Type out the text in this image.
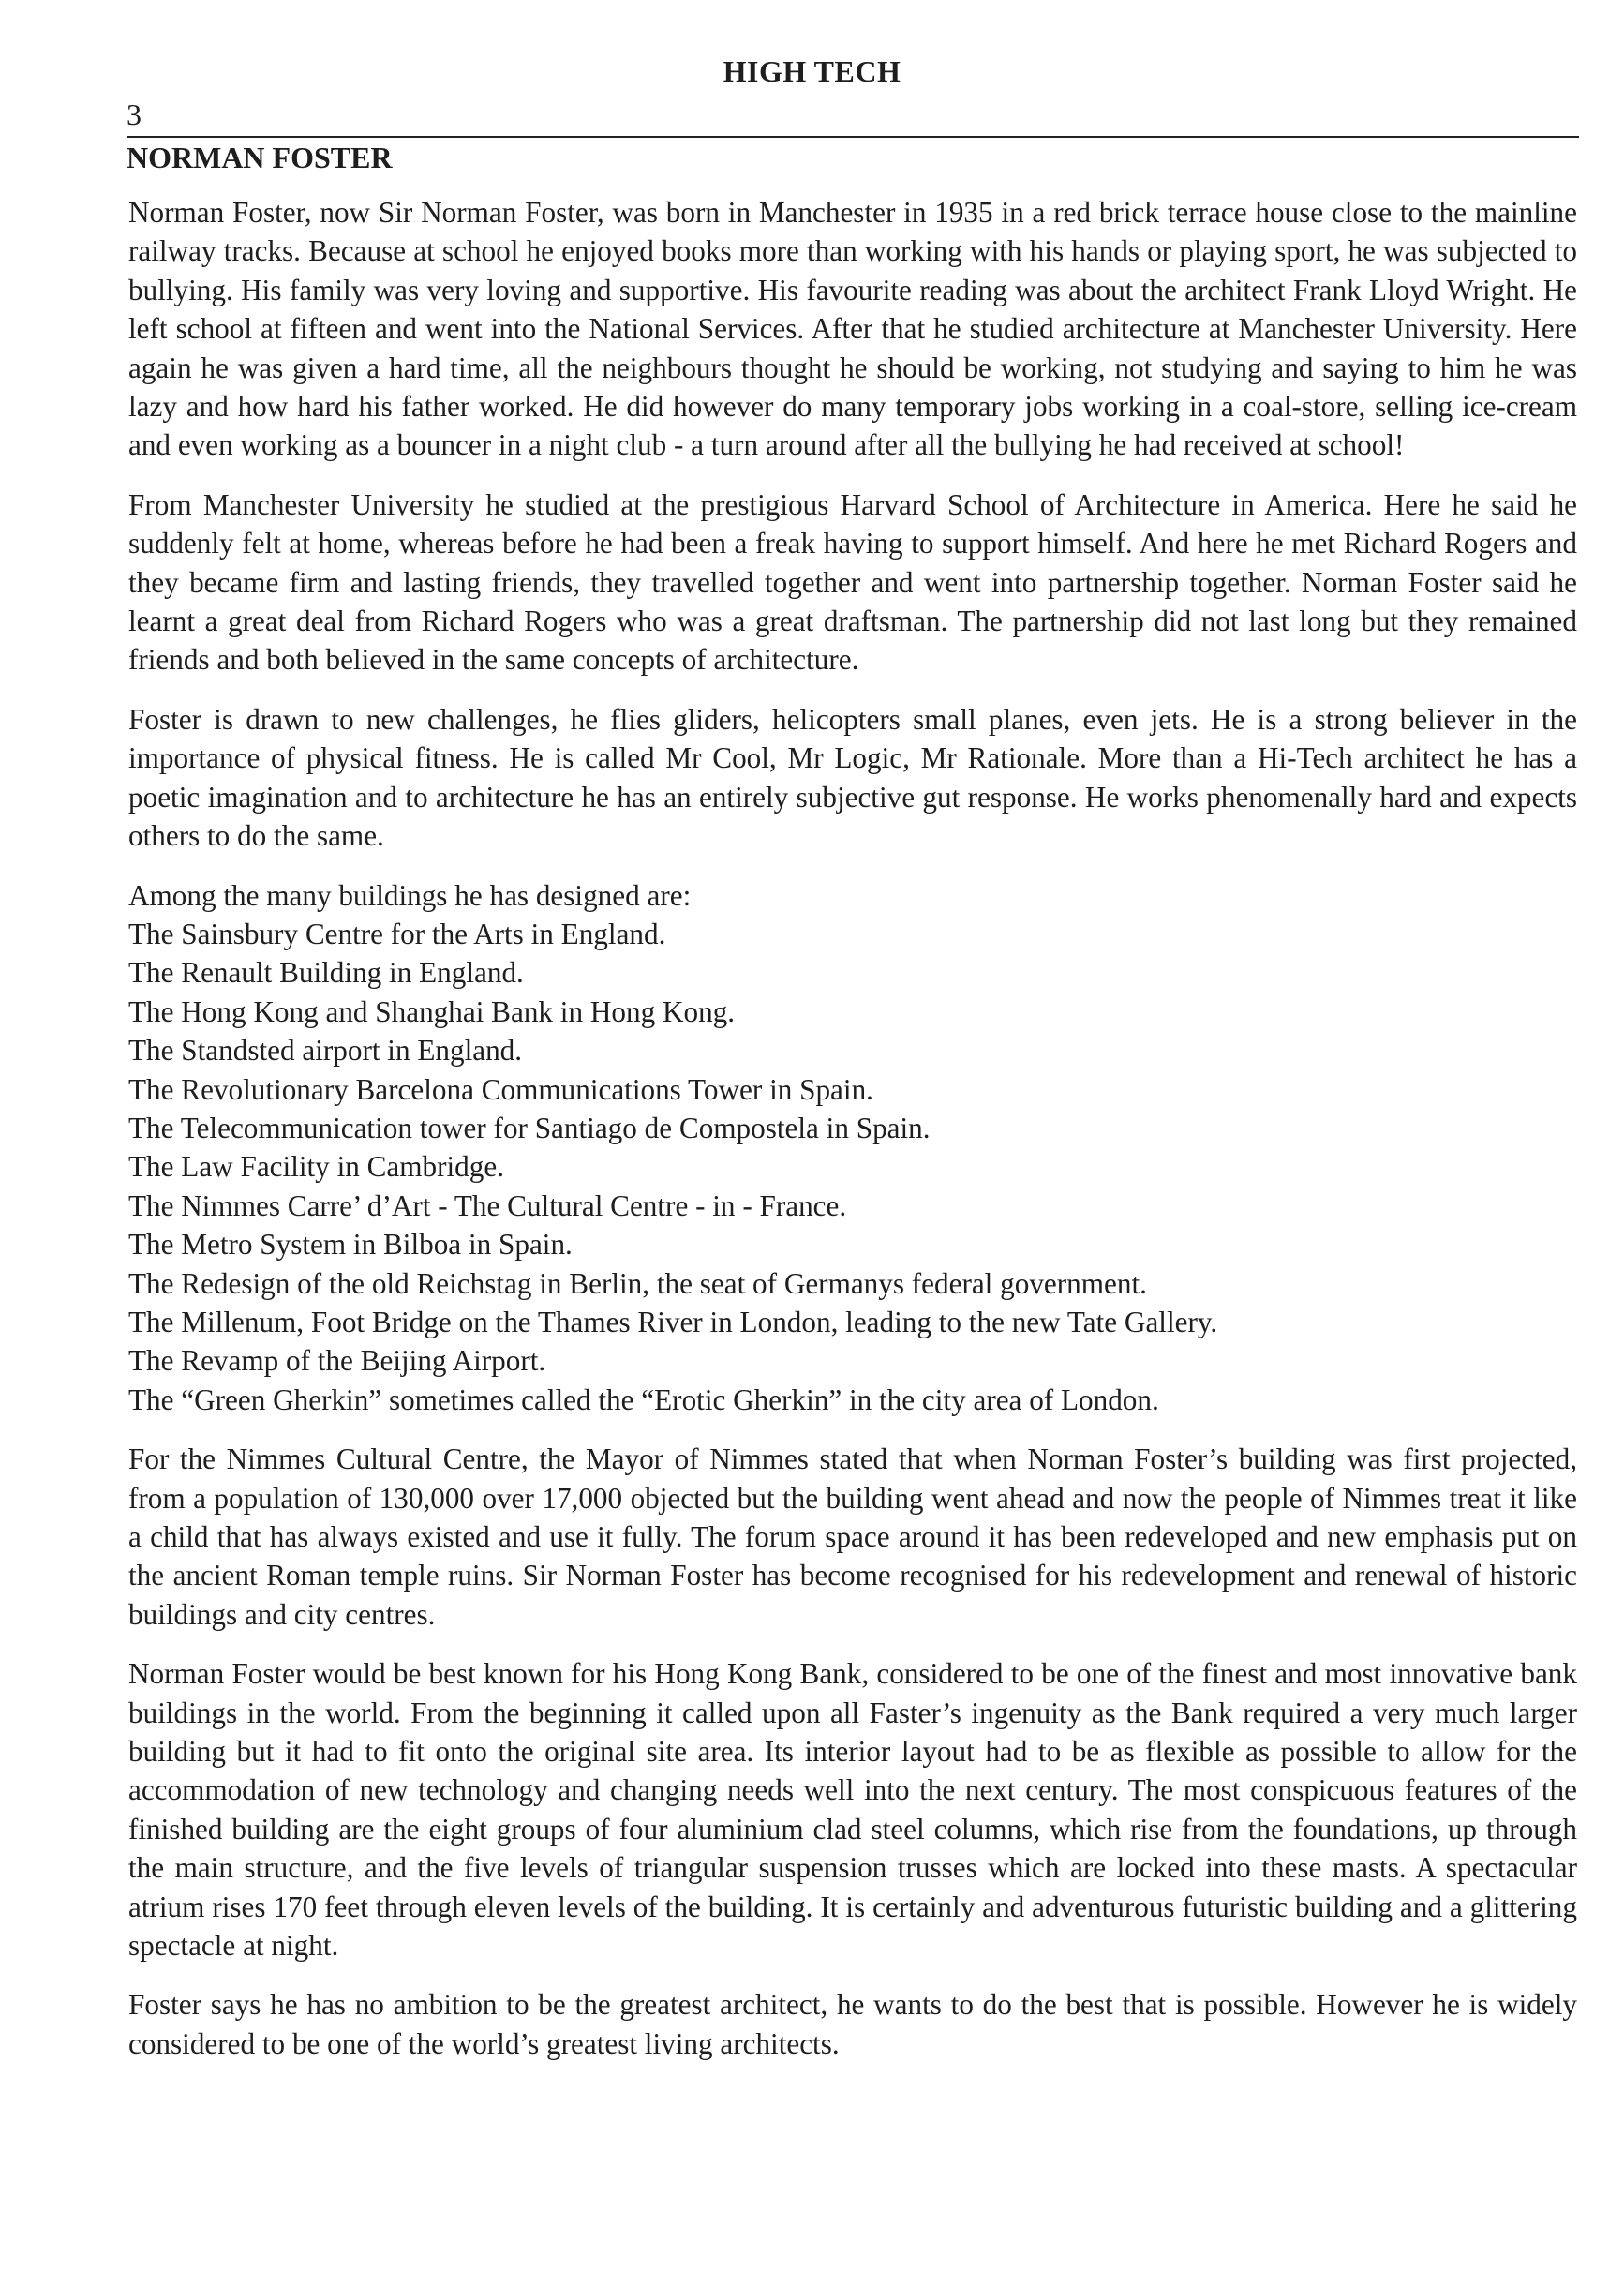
HIGH TECH
3
NORMAN FOSTER

Norman Foster, now Sir Norman Foster, was born in Manchester in 1935 in a red brick terrace house close to the mainline railway tracks. Because at school he enjoyed books more than working with his hands or playing sport, he was subjected to bullying. His family was very loving and supportive. His favourite reading was about the architect Frank Lloyd Wright. He left school at fifteen and went into the National Services. After that he studied architecture at Manchester University. Here again he was given a hard time, all the neighbours thought he should be working, not studying and saying to him he was lazy and how hard his father worked. He did however do many temporary jobs working in a coal-store, selling ice-cream and even working as a bouncer in a night club - a turn around after all the bullying he had received at school!

From Manchester University he studied at the prestigious Harvard School of Architecture in America. Here he said he suddenly felt at home, whereas before he had been a freak having to support himself. And here he met Richard Rogers and they became firm and lasting friends, they travelled together and went into partnership together. Norman Foster said he learnt a great deal from Richard Rogers who was a great draftsman. The partnership did not last long but they remained friends and both believed in the same concepts of architecture.

Foster is drawn to new challenges, he flies gliders, helicopters small planes, even jets. He is a strong believer in the importance of physical fitness. He is called Mr Cool, Mr Logic, Mr Rationale. More than a Hi-Tech architect he has a poetic imagination and to architecture he has an entirely subjective gut response. He works phenomenally hard and expects others to do the same.

Among the many buildings he has designed are:

The Sainsbury Centre for the Arts in England.
The Renault Building in England.
The Hong Kong and Shanghai Bank in Hong Kong.
The Standsted airport in England.
The Revolutionary Barcelona Communications Tower in Spain.
The Telecommunication tower for Santiago de Compostela in Spain.
The Law Facility in Cambridge.
The Nimmes Carre’ d’Art - The Cultural Centre - in - France.
The Metro System in Bilboa in Spain.
The Redesign of the old Reichstag in Berlin, the seat of Germanys federal government.
The Millenum, Foot Bridge on the Thames River in London, leading to the new Tate Gallery.
The Revamp of the Beijing Airport.
The “Green Gherkin” sometimes called the “Erotic Gherkin” in the city area of London.

For the Nimmes Cultural Centre, the Mayor of Nimmes stated that when Norman Foster’s building was first projected, from a population of 130,000 over 17,000 objected but the building went ahead and now the people of Nimmes treat it like a child that has always existed and use it fully. The forum space around it has been redeveloped and new emphasis put on the ancient Roman temple ruins. Sir Norman Foster has become recognised for his redevelopment and renewal of historic buildings and city centres.

Norman Foster would be best known for his Hong Kong Bank, considered to be one of the finest and most innovative bank buildings in the world. From the beginning it called upon all Faster’s ingenuity as the Bank required a very much larger building but it had to fit onto the original site area. Its interior layout had to be as flexible as possible to allow for the accommodation of new technology and changing needs well into the next century. The most conspicuous features of the finished building are the eight groups of four aluminium clad steel columns, which rise from the foundations, up through the main structure, and the five levels of triangular suspension trusses which are locked into these masts. A spectacular atrium rises 170 feet through eleven levels of the building. It is certainly and adventurous futuristic building and a glittering spectacle at night.

Foster says he has no ambition to be the greatest architect, he wants to do the best that is possible. However he is widely considered to be one of the world’s greatest living architects.
